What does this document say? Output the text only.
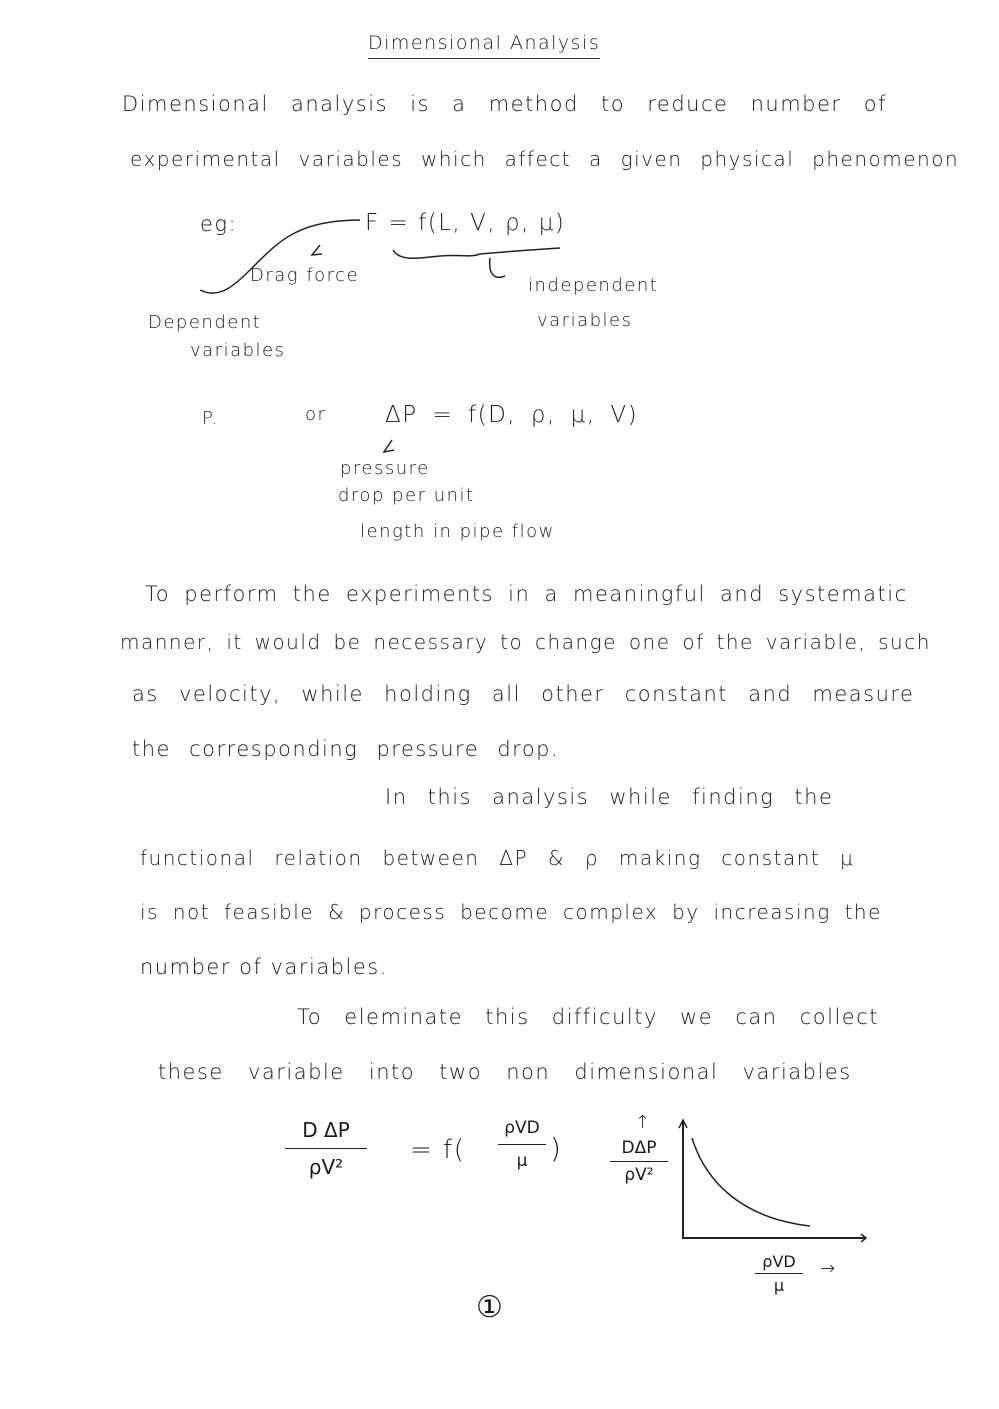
Dimensional Analysis
Dimensional analysis is a method to reduce number of
experimental variables which affect a given physical phenomenon
eg:	F = f(L, V, ρ, μ)
Drag force	independent
variables
Dependent
variables
P.	or	ΔP = f(D, ρ, μ, V)
pressure
drop per unit
length in pipe flow
To perform the experiments in a meaningful and systematic
manner, it would be necessary to change one of the variable, such
as velocity, while holding all other constant and measure
the corresponding pressure drop.
In this analysis while finding the
functional relation between ΔP & ρ making constant μ
is not feasible & process become complex by increasing the
number of variables.
To eleminate this difficulty we can collect
these variable into two non dimensional variables
D ΔP
ρV²
= f(
ρVD
μ )
↑
DΔP
ρV²
ρVD
μ
→
①
